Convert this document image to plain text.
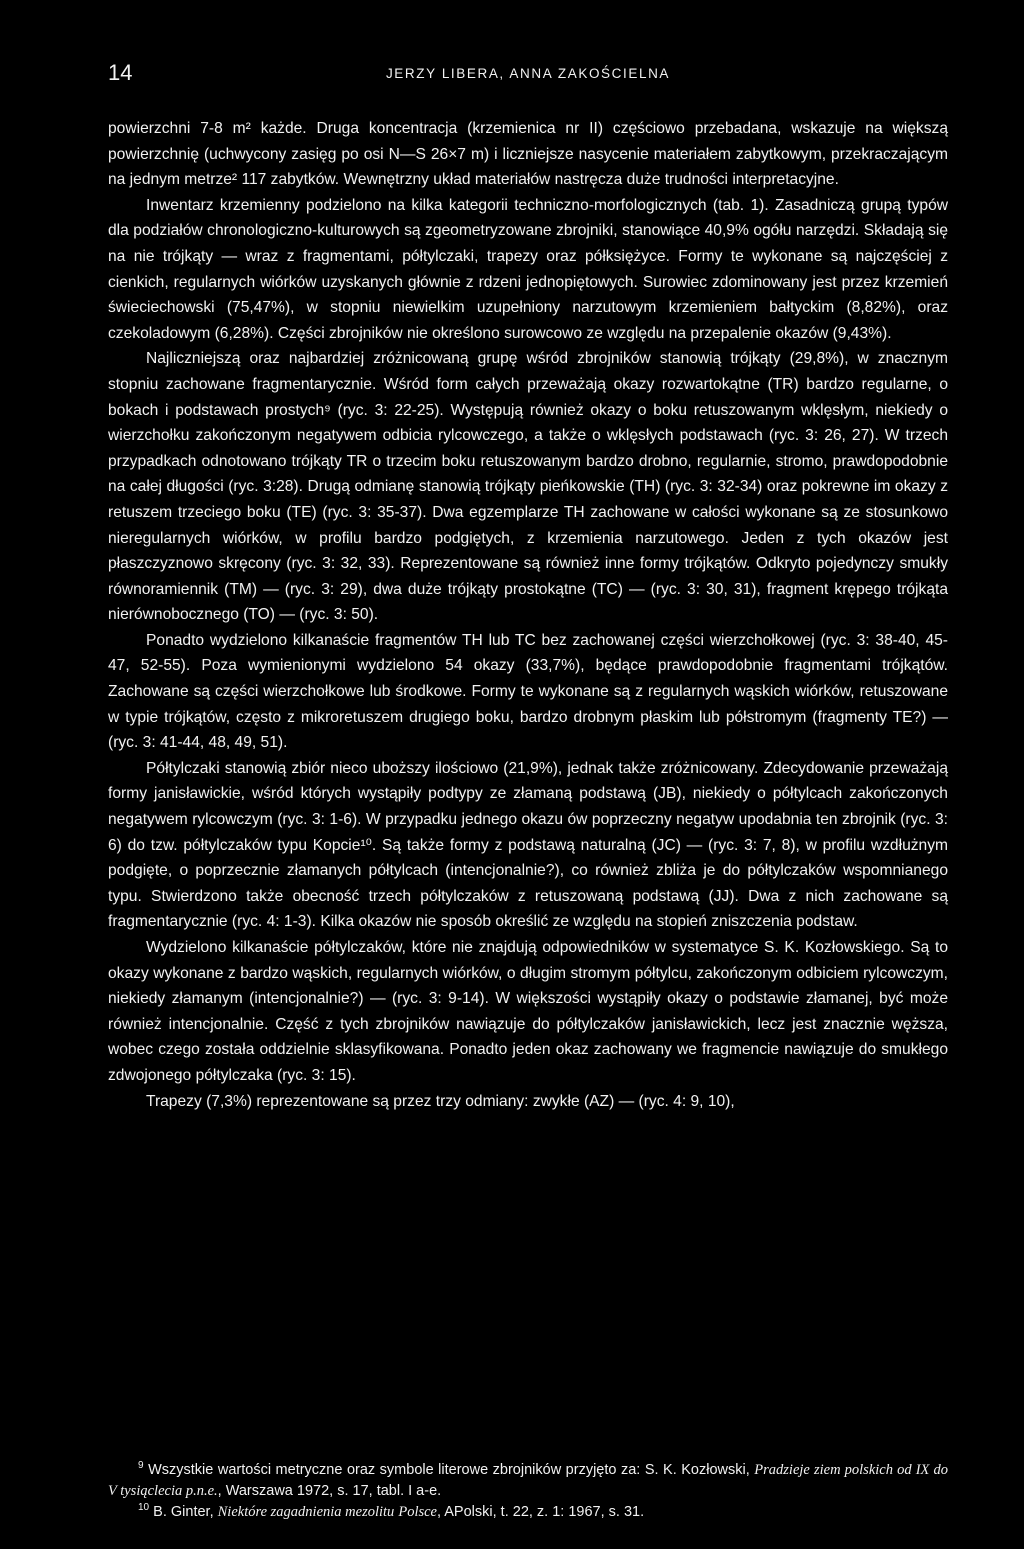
14	JERZY LIBERA, ANNA ZAKOŚCIELNA

powierzchni 7-8 m² każde. Druga koncentracja (krzemienica nr II) częściowo przebadana, wskazuje na większą powierzchnię (uchwycony zasięg po osi N—S 26×7 m) i liczniejsze nasycenie materiałem zabytkowym, przekraczającym na jednym metrze² 117 zabytków. Wewnętrzny układ materiałów nastręcza duże trudności interpretacyjne.

Inwentarz krzemienny podzielono na kilka kategorii techniczno-morfologicznych (tab. 1). Zasadniczą grupą typów dla podziałów chronologiczno-kulturowych są zgeometryzowane zbrojniki, stanowiące 40,9% ogółu narzędzi. Składają się na nie trójkąty — wraz z fragmentami, półtylczaki, trapezy oraz półksiężyce. Formy te wykonane są najczęściej z cienkich, regularnych wiórków uzyskanych głównie z rdzeni jednopiętowych. Surowiec zdominowany jest przez krzemień świeciechowski (75,47%), w stopniu niewielkim uzupełniony narzutowym krzemieniem bałtyckim (8,82%), oraz czekoladowym (6,28%). Części zbrojników nie określono surowcowo ze względu na przepalenie okazów (9,43%).

Najliczniejszą oraz najbardziej zróżnicowaną grupę wśród zbrojników stanowią trójkąty (29,8%), w znacznym stopniu zachowane fragmentarycznie. Wśród form całych przeważają okazy rozwartokątne (TR) bardzo regularne, o bokach i podstawach prostych⁹ (ryc. 3: 22-25). Występują również okazy o boku retuszowanym wklęsłym, niekiedy o wierzchołku zakończonym negatywem odbicia rylcowczego, a także o wklęsłych podstawach (ryc. 3: 26, 27). W trzech przypadkach odnotowano trójkąty TR o trzecim boku retuszowanym bardzo drobno, regularnie, stromo, prawdopodobnie na całej długości (ryc. 3:28). Drugą odmianę stanowią trójkąty pieńkowskie (TH) (ryc. 3: 32-34) oraz pokrewne im okazy z retuszem trzeciego boku (TE) (ryc. 3: 35-37). Dwa egzemplarze TH zachowane w całości wykonane są ze stosunkowo nieregularnych wiórków, w profilu bardzo podgiętych, z krzemienia narzutowego. Jeden z tych okazów jest płaszczyznowo skręcony (ryc. 3: 32, 33). Reprezentowane są również inne formy trójkątów. Odkryto pojedynczy smukły równoramiennik (TM) — (ryc. 3: 29), dwa duże trójkąty prostokątne (TC) — (ryc. 3: 30, 31), fragment krępego trójkąta nierównobocznego (TO) — (ryc. 3: 50).

Ponadto wydzielono kilkanaście fragmentów TH lub TC bez zachowanej części wierzchołkowej (ryc. 3: 38-40, 45-47, 52-55). Poza wymienionymi wydzielono 54 okazy (33,7%), będące prawdopodobnie fragmentami trójkątów. Zachowane są części wierzchołkowe lub środkowe. Formy te wykonane są z regularnych wąskich wiórków, retuszowane w typie trójkątów, często z mikroretuszem drugiego boku, bardzo drobnym płaskim lub półstromym (fragmenty TE?) — (ryc. 3: 41-44, 48, 49, 51).

Półtylczaki stanowią zbiór nieco uboższy ilościowo (21,9%), jednak także zróżnicowany. Zdecydowanie przeważają formy janisławickie, wśród których wystąpiły podtypy ze złamaną podstawą (JB), niekiedy o półtylcach zakończonych negatywem rylcowczym (ryc. 3: 1-6). W przypadku jednego okazu ów poprzeczny negatyw upodabnia ten zbrojnik (ryc. 3: 6) do tzw. półtylczaków typu Kopcie¹⁰. Są także formy z podstawą naturalną (JC) — (ryc. 3: 7, 8), w profilu wzdłużnym podgięte, o poprzecznie złamanych półtylcach (intencjonalnie?), co również zbliża je do półtylczaków wspomnianego typu. Stwierdzono także obecność trzech półtylczaków z retuszowaną podstawą (JJ). Dwa z nich zachowane są fragmentarycznie (ryc. 4: 1-3). Kilka okazów nie sposób określić ze względu na stopień zniszczenia podstaw.

Wydzielono kilkanaście półtylczaków, które nie znajdują odpowiedników w systematyce S. K. Kozłowskiego. Są to okazy wykonane z bardzo wąskich, regularnych wiórków, o długim stromym półtylcu, zakończonym odbiciem rylcowczym, niekiedy złamanym (intencjonalnie?) — (ryc. 3: 9-14). W większości wystąpiły okazy o podstawie złamanej, być może również intencjonalnie. Część z tych zbrojników nawiązuje do półtylczaków janisławickich, lecz jest znacznie węższa, wobec czego została oddzielnie sklasyfikowana. Ponadto jeden okaz zachowany we fragmencie nawiązuje do smukłego zdwojonego półtylczaka (ryc. 3: 15).

Trapezy (7,3%) reprezentowane są przez trzy odmiany: zwykłe (AZ) — (ryc. 4: 9, 10),

$^9$ Wszystkie wartości metryczne oraz symbole literowe zbrojników przyjęto za: S. K. Kozłowski, Pradzieje ziem polskich od IX do V tysiąclecia p.n.e., Warszawa 1972, s. 17, tabl. I a-e.

$^{10}$ B. Ginter, Niektóre zagadnienia mezolitu Polsce, APolski, t. 22, z. 1: 1967, s. 31.
